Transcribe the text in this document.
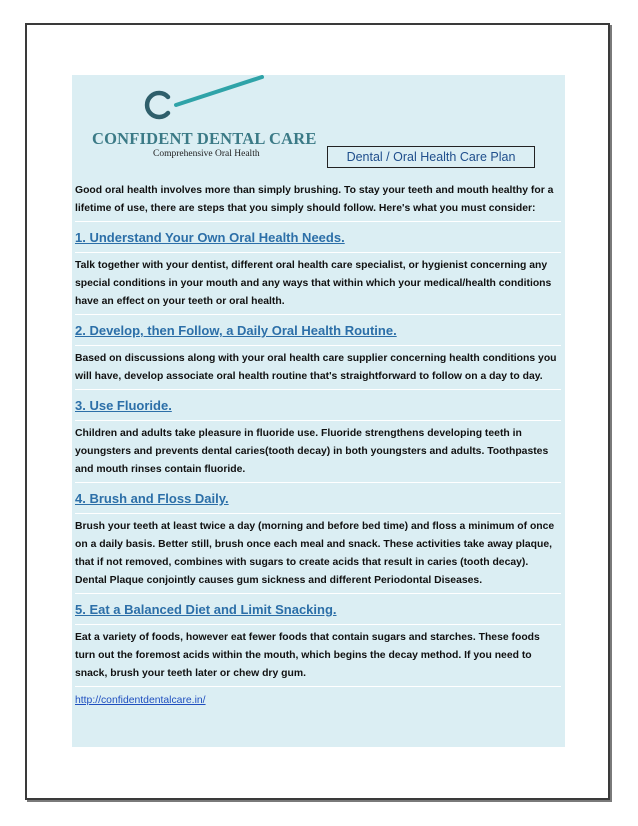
CONFIDENT DENTAL CARE
Comprehensive Oral Health	Dental / Oral Health Care Plan

Good oral health involves more than simply brushing. To stay your teeth and mouth healthy for a lifetime of use, there are steps that you simply should follow. Here's what you must consider:

1. Understand Your Own Oral Health Needs.

Talk together with your dentist, different oral health care specialist, or hygienist concerning any special conditions in your mouth and any ways that within which your medical/health conditions have an effect on your teeth or oral health.

2. Develop, then Follow, a Daily Oral Health Routine.

Based on discussions along with your oral health care supplier concerning health conditions you will have, develop associate oral health routine that's straightforward to follow on a day to day.

3. Use Fluoride.

Children and adults take pleasure in fluoride use. Fluoride strengthens developing teeth in youngsters and prevents dental caries(tooth decay) in both youngsters and adults. Toothpastes and mouth rinses contain fluoride.

4. Brush and Floss Daily.

Brush your teeth at least twice a day (morning and before bed time) and floss a minimum of once on a daily basis. Better still, brush once each meal and snack. These activities take away plaque, that if not removed, combines with sugars to create acids that result in caries (tooth decay). Dental Plaque conjointly causes gum sickness and different Periodontal Diseases.

5. Eat a Balanced Diet and Limit Snacking.

Eat a variety of foods, however eat fewer foods that contain sugars and starches. These foods turn out the foremost acids within the mouth, which begins the decay method. If you need to snack, brush your teeth later or chew dry gum.

http://confidentdentalcare.in/
